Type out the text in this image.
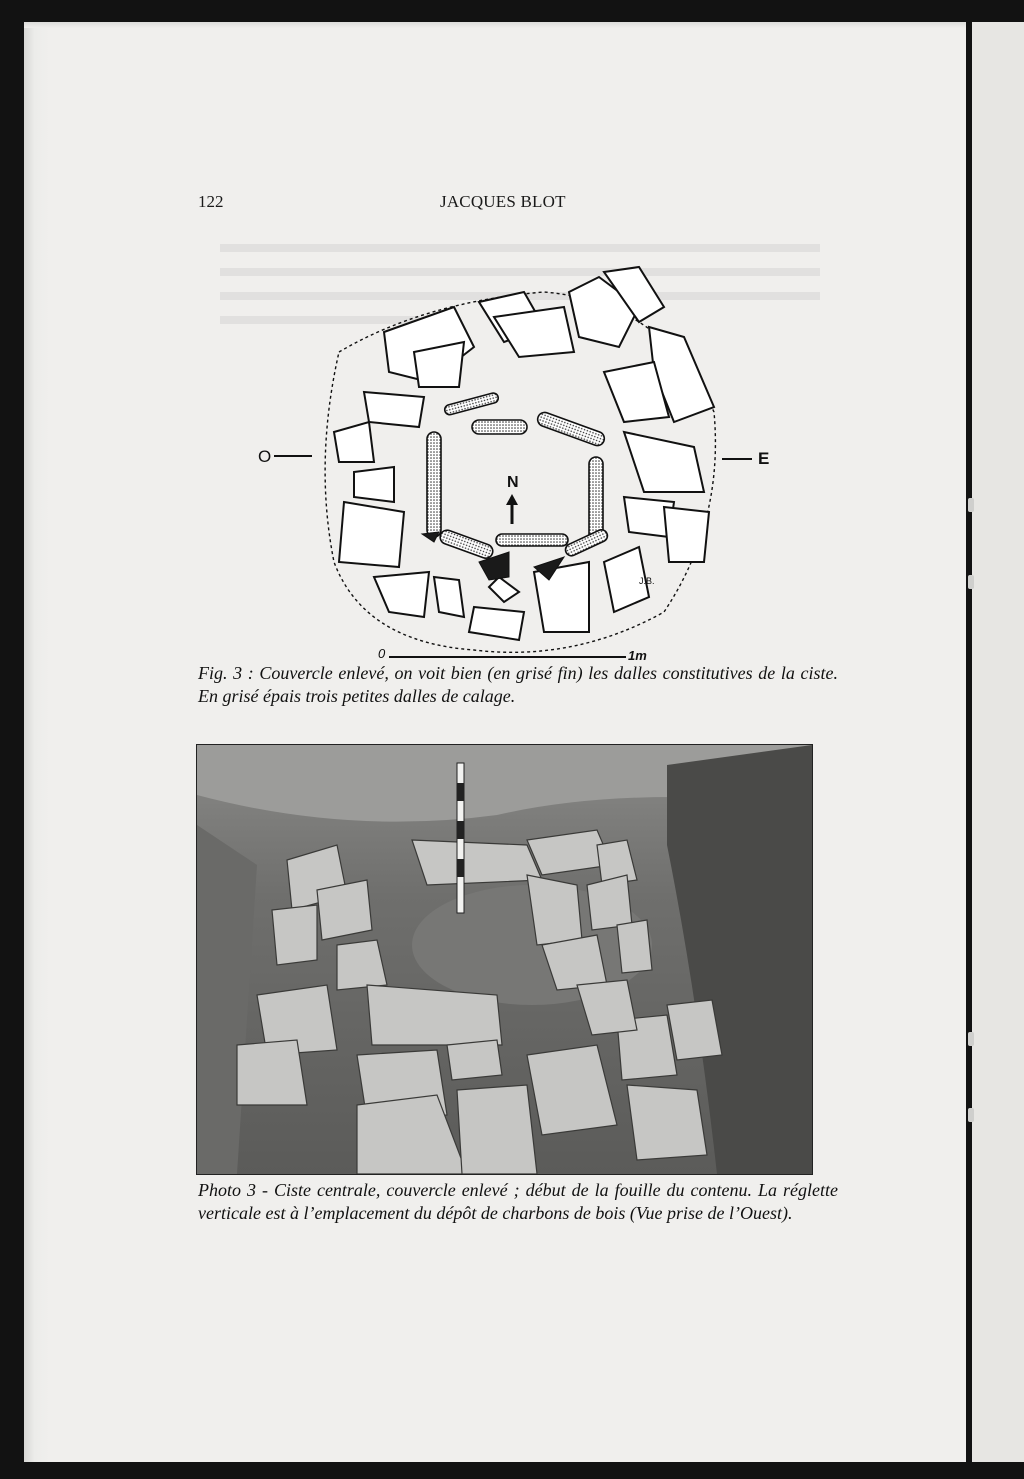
122	JACQUES BLOT
N
O	E
J.B.
0	1m
Fig. 3 : Couvercle enlevé, on voit bien (en grisé fin) les dalles constitutives de la ciste. En grisé épais trois petites dalles de calage.
Photo 3 - Ciste centrale, couvercle enlevé ; début de la fouille du contenu. La réglette verticale est à l’emplacement du dépôt de charbons de bois (Vue prise de l’Ouest).
